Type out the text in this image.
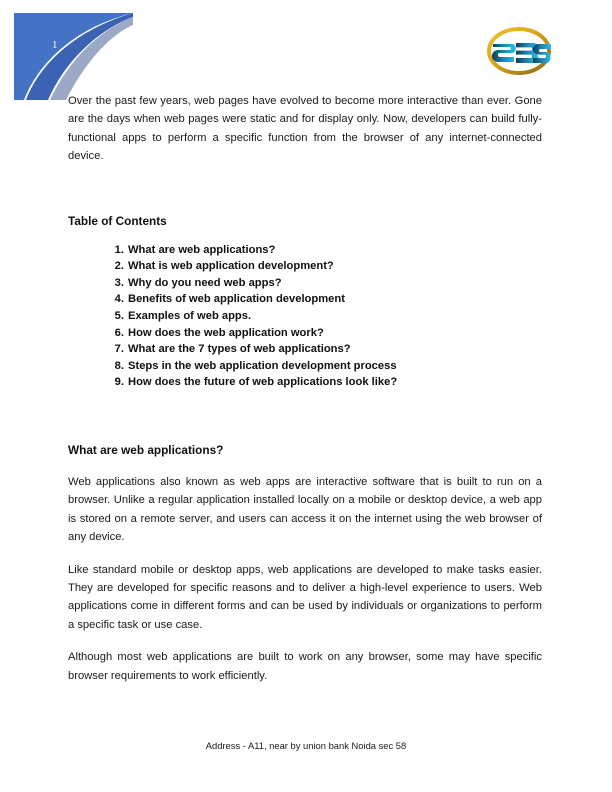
1

Over the past few years, web pages have evolved to become more interactive than ever. Gone are the days when web pages were static and for display only. Now, developers can build fully-functional apps to perform a specific function from the browser of any internet-connected device.

Table of Contents
What are web applications?
What is web application development?
Why do you need web apps?
Benefits of web application development
Examples of web apps.
How does the web application work?
What are the 7 types of web applications?
Steps in the web application development process
How does the future of web applications look like?
What are web applications?

Web applications also known as web apps are interactive software that is built to run on a browser. Unlike a regular application installed locally on a mobile or desktop device, a web app is stored on a remote server, and users can access it on the internet using the web browser of any device.

Like standard mobile or desktop apps, web applications are developed to make tasks easier. They are developed for specific reasons and to deliver a high-level experience to users. Web applications come in different forms and can be used by individuals or organizations to perform a specific task or use case.

Although most web applications are built to work on any browser, some may have specific browser requirements to work efficiently.

Address - A11, near by union bank Noida sec 58
